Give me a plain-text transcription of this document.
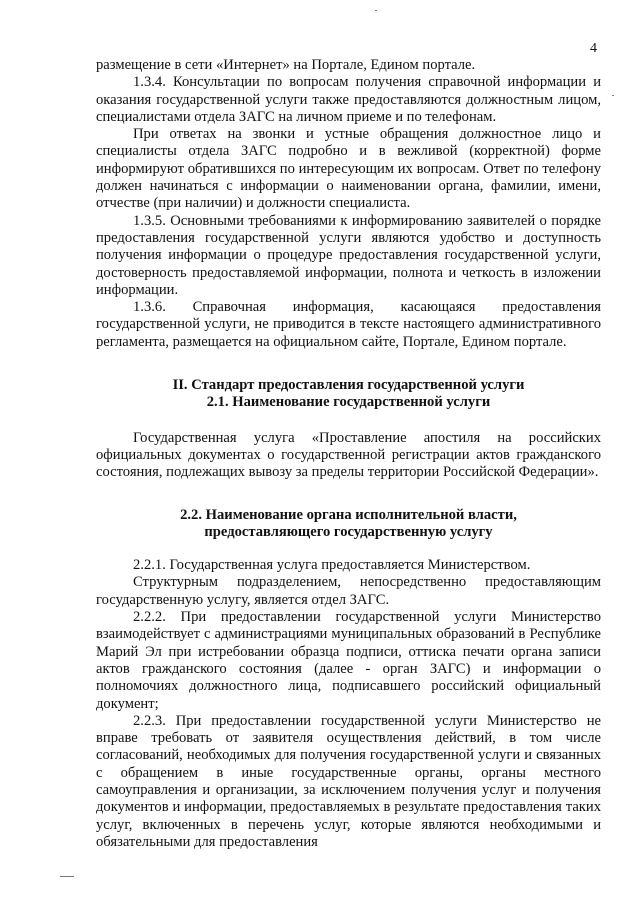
4

размещение в сети «Интернет» на Портале, Едином портале.

1.3.4. Консультации по вопросам получения справочной информации и оказания государственной услуги также предоставляются должностным лицом, специалистами отдела ЗАГС на личном приеме и по телефонам.

При ответах на звонки и устные обращения должностное лицо и специалисты отдела ЗАГС подробно и в вежливой (корректной) форме информируют обратившихся по интересующим их вопросам. Ответ по телефону должен начинаться с информации о наименовании органа, фамилии, имени, отчестве (при наличии) и должности специалиста.

1.3.5. Основными требованиями к информированию заявителей о порядке предоставления государственной услуги являются удобство и доступность получения информации о процедуре предоставления государственной услуги, достоверность предоставляемой информации, полнота и четкость в изложении информации.

1.3.6. Справочная информация, касающаяся предоставления государственной услуги, не приводится в тексте настоящего административного регламента, размещается на официальном сайте, Портале, Едином портале.

II. Стандарт предоставления государственной услуги

2.1. Наименование государственной услуги

Государственная услуга «Проставление апостиля на российских официальных документах о государственной регистрации актов гражданского состояния, подлежащих вывозу за пределы территории Российской Федерации».

2.2. Наименование органа исполнительной власти,

предоставляющего государственную услугу

2.2.1. Государственная услуга предоставляется Министерством.

Структурным подразделением, непосредственно предоставляющим государственную услугу, является отдел ЗАГС.

2.2.2. При предоставлении государственной услуги Министерство взаимодействует с администрациями муниципальных образований в Республике Марий Эл при истребовании образца подписи, оттиска печати органа записи актов гражданского состояния (далее - орган ЗАГС) и информации о полномочиях должностного лица, подписавшего российский официальный документ;

2.2.3. При предоставлении государственной услуги Министерство не вправе требовать от заявителя осуществления действий, в том числе согласований, необходимых для получения государственной услуги и связанных с обращением в иные государственные органы, органы местного самоуправления и организации, за исключением получения услуг и получения документов и информации, предоставляемых в результате предоставления таких услуг, включенных в перечень услуг, которые являются необходимыми и обязательными для предоставления
